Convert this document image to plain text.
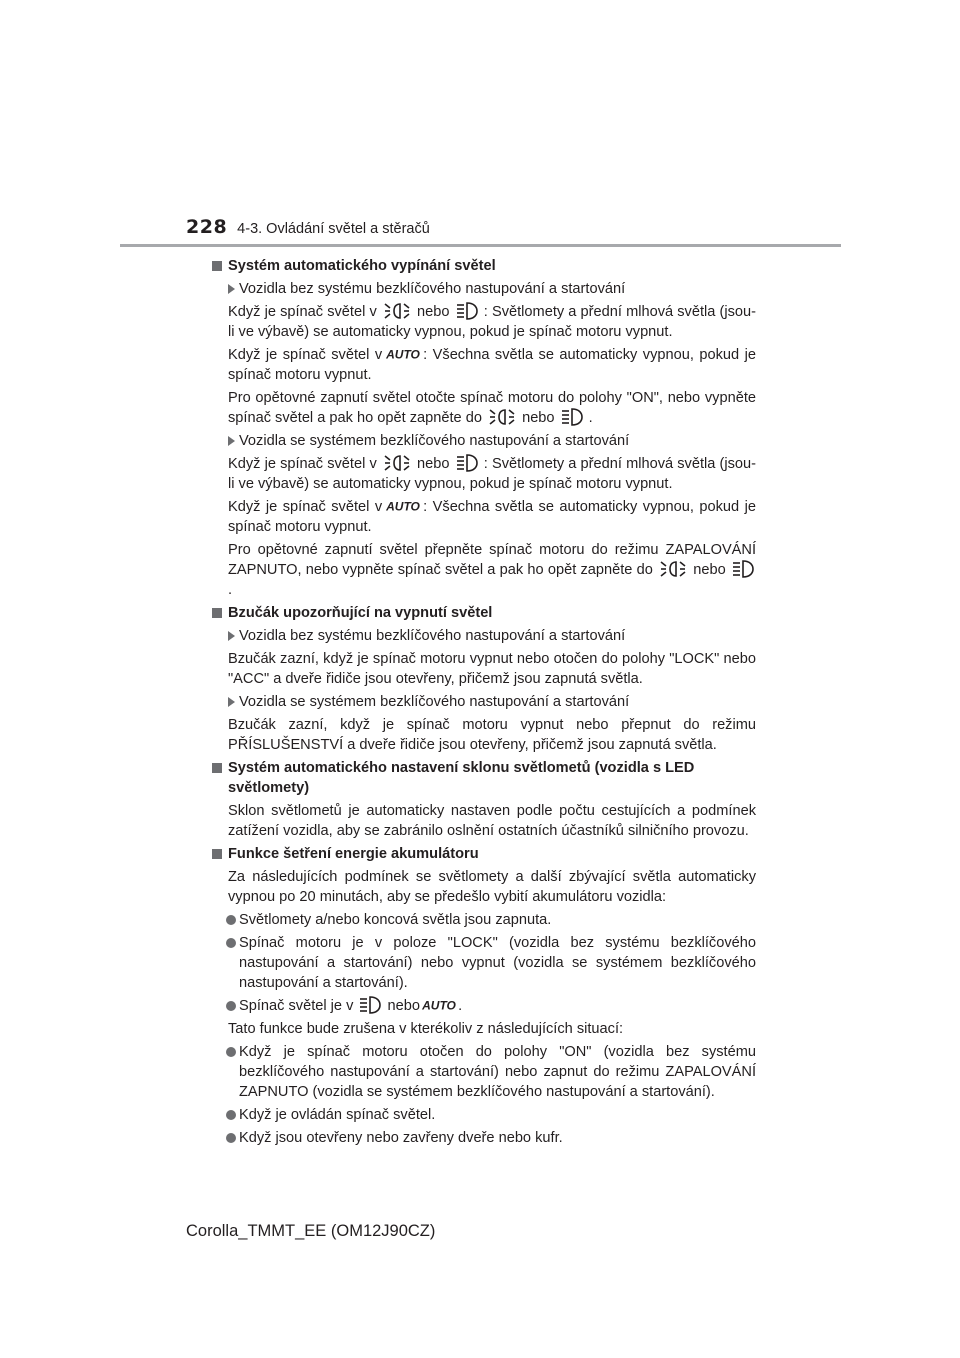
228 4-3. Ovládání světel a stěračů
Systém automatického vypínání světel
Vozidla bez systému bezklíčového nastupování a startování
Když je spínač světel v	nebo : Světlomety a přední mlhová světla (jsou-li ve výbavě) se automaticky vypnou, pokud je spínač motoru vypnut.
Když je spínač světel v AUTO : Všechna světla se automaticky vypnou, pokud je spínač motoru vypnut.
Pro opětovné zapnutí světel otočte spínač motoru do polohy "ON", nebo vypněte spínač světel a pak ho opět zapněte do	nebo .
Vozidla se systémem bezklíčového nastupování a startování
Když je spínač světel v	nebo : Světlomety a přední mlhová světla (jsou-li ve výbavě) se automaticky vypnou, pokud je spínač motoru vypnut.
Když je spínač světel v AUTO : Všechna světla se automaticky vypnou, pokud je spínač motoru vypnut.
Pro opětovné zapnutí světel přepněte spínač motoru do režimu ZAPALOVÁNÍ ZAPNUTO, nebo vypněte spínač světel a pak ho opět zapněte do	nebo  .
Bzučák upozorňující na vypnutí světel
Vozidla bez systému bezklíčového nastupování a startování
Bzučák zazní, když je spínač motoru vypnut nebo otočen do polohy "LOCK" nebo "ACC" a dveře řidiče jsou otevřeny, přičemž jsou zapnutá světla.
Vozidla se systémem bezklíčového nastupování a startování
Bzučák zazní, když je spínač motoru vypnut nebo přepnut do režimu PŘÍSLUŠENSTVÍ a dveře řidiče jsou otevřeny, přičemž jsou zapnutá světla.
Systém automatického nastavení sklonu světlometů (vozidla s LED světlomety)
Sklon světlometů je automaticky nastaven podle počtu cestujících a podmínek zatížení vozidla, aby se zabránilo oslnění ostatních účastníků silničního provozu.
Funkce šetření energie akumulátoru
Za následujících podmínek se světlomety a další zbývající světla automaticky vypnou po 20 minutách, aby se předešlo vybití akumulátoru vozidla:
Světlomety a/nebo koncová světla jsou zapnuta.
Spínač motoru je v poloze "LOCK" (vozidla bez systému bezklíčového nastupování a startování) nebo vypnut (vozidla se systémem bezklíčového nastupování a startování).
Spínač světel je v nebo AUTO .
Tato funkce bude zrušena v kterékoliv z následujících situací:
Když je spínač motoru otočen do polohy "ON" (vozidla bez systému bezklíčového nastupování a startování) nebo zapnut do režimu ZAPALOVÁNÍ ZAPNUTO (vozidla se systémem bezklíčového nastupování a startování).
Když je ovládán spínač světel.
Když jsou otevřeny nebo zavřeny dveře nebo kufr.
Corolla_TMMT_EE (OM12J90CZ)
